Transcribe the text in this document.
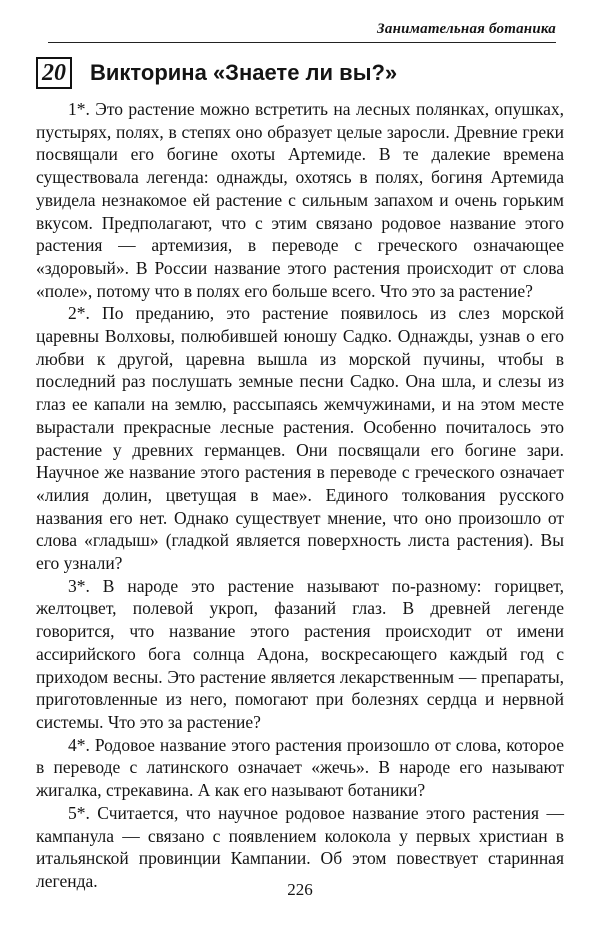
Занимательная ботаника
20 Викторина «Знаете ли вы?»

1*. Это растение можно встретить на лесных полянках, опушках, пустырях, полях, в степях оно образует целые заросли. Древние греки посвящали его богине охоты Артемиде. В те далекие времена существовала легенда: однажды, охотясь в полях, богиня Артемида увидела незнакомое ей растение с сильным запахом и очень горьким вкусом. Предполагают, что с этим связано родовое название этого растения — артемизия, в переводе с греческого означающее «здоровый». В России название этого растения происходит от слова «поле», потому что в полях его больше всего. Что это за растение?

2*. По преданию, это растение появилось из слез морской царевны Волховы, полюбившей юношу Садко. Однажды, узнав о его любви к другой, царевна вышла из морской пучины, чтобы в последний раз послушать земные песни Садко. Она шла, и слезы из глаз ее капали на землю, рассыпаясь жемчужинами, и на этом месте вырастали прекрасные лесные растения. Особенно почиталось это растение у древних германцев. Они посвящали его богине зари. Научное же название этого растения в переводе с греческого означает «лилия долин, цветущая в мае». Единого толкования русского названия его нет. Однако существует мнение, что оно произошло от слова «гладыш» (гладкой является поверхность листа растения). Вы его узнали?

3*. В народе это растение называют по-разному: горицвет, желтоцвет, полевой укроп, фазаний глаз. В древней легенде говорится, что название этого растения происходит от имени ассирийского бога солнца Адона, воскресающего каждый год с приходом весны. Это растение является лекарственным — препараты, приготовленные из него, помогают при болезнях сердца и нервной системы. Что это за растение?

4*. Родовое название этого растения произошло от слова, которое в переводе с латинского означает «жечь». В народе его называют жигалка, стрекавина. А как его называют ботаники?

5*. Считается, что научное родовое название этого растения — кампанула — связано с появлением колокола у первых христиан в итальянской провинции Кампании. Об этом повествует старинная легенда.	226
